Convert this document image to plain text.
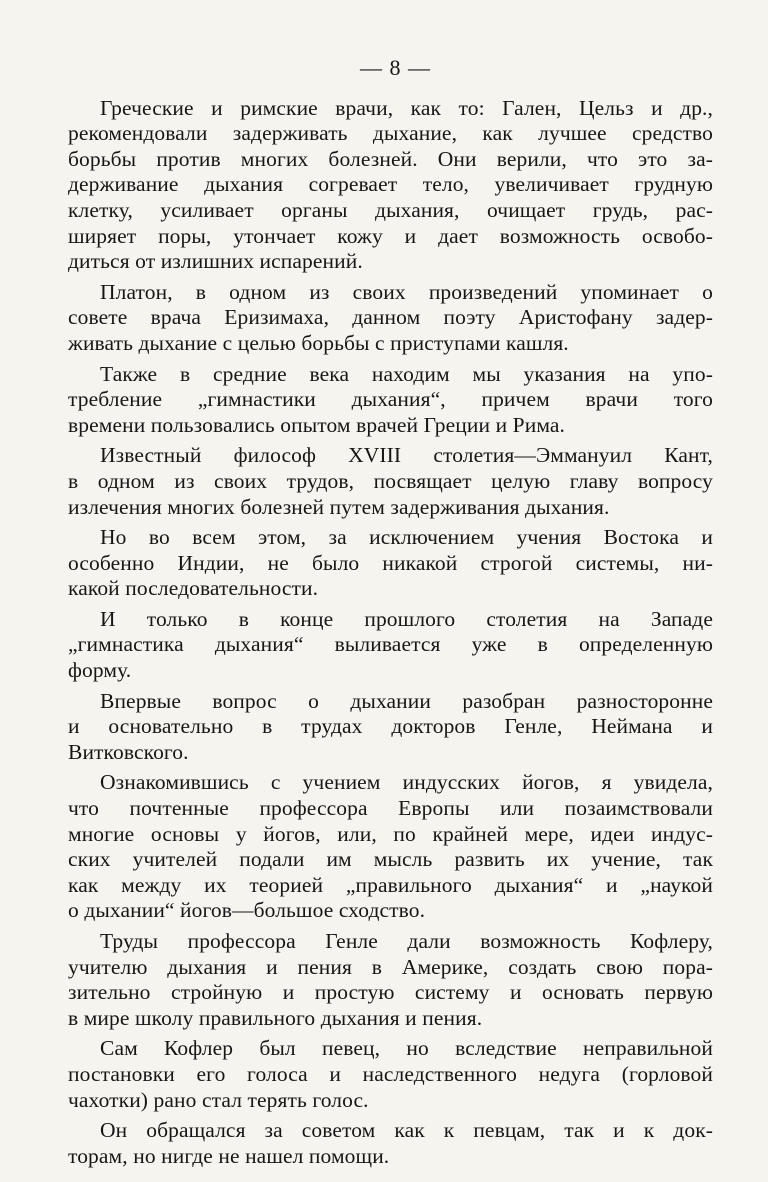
— 8 —
Греческие и римские врачи, как то: Гален, Цельз и др.,
рекомендовали задерживать дыхание, как лучшее средство
борьбы против многих болезней. Они верили, что это за-
держивание дыхания согревает тело, увеличивает грудную
клетку, усиливает органы дыхания, очищает грудь, рас-
ширяет поры, утончает кожу и дает возможность освобо-
диться от излишних испарений.
Платон, в одном из своих произведений упоминает о
совете врача Еризимаха, данном поэту Аристофану задер-
живать дыхание с целью борьбы с приступами кашля.
Также в средние века находим мы указания на упо-
требление „гимнастики дыхания“, причем врачи того
времени пользовались опытом врачей Греции и Рима.
Известный философ XVIII столетия—Эммануил Кант,
в одном из своих трудов, посвящает целую главу вопросу
излечения многих болезней путем задерживания дыхания.
Но во всем этом, за исключением учения Востока и
особенно Индии, не было никакой строгой системы, ни-
какой последовательности.
И только в конце прошлого столетия на Западе
„гимнастика дыхания“ выливается уже в определенную
форму.
Впервые вопрос о дыхании разобран разносторонне
и основательно в трудах докторов Генле, Неймана и
Витковского.
Ознакомившись с учением индусских йогов, я увидела,
что почтенные профессора Европы или позаимствовали
многие основы у йогов, или, по крайней мере, идеи индус-
ских учителей подали им мысль развить их учение, так
как между их теорией „правильного дыхания“ и „наукой
о дыхании“ йогов—большое сходство.
Труды профессора Генле дали возможность Кофлеру,
учителю дыхания и пения в Америке, создать свою пора-
зительно стройную и простую систему и основать первую
в мире школу правильного дыхания и пения.
Сам Кофлер был певец, но вследствие неправильной
постановки его голоса и наследственного недуга (горловой
чахотки) рано стал терять голос.
Он обращался за советом как к певцам, так и к док-
торам, но нигде не нашел помощи.
